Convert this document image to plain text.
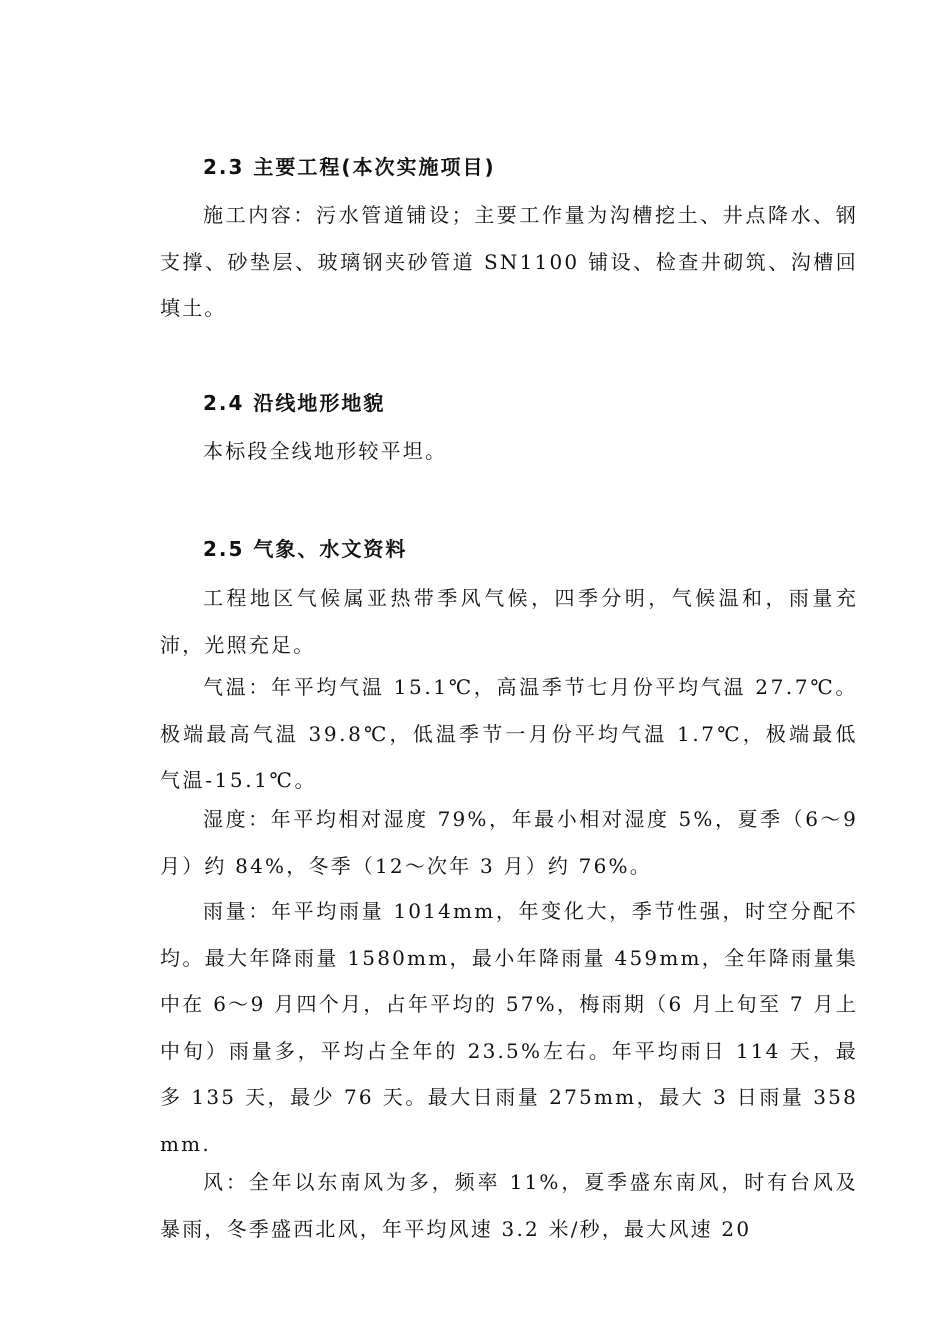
2.3 主要工程(本次实施项目)
施工内容：污水管道铺设；主要工作量为沟槽挖土、井点降水、钢支撑、砂垫层、玻璃钢夹砂管道 SN1100 铺设、检查井砌筑、沟槽回填土。
2.4 沿线地形地貌
本标段全线地形较平坦。
2.5 气象、水文资料
工程地区气候属亚热带季风气候，四季分明，气候温和，雨量充沛，光照充足。
气温：年平均气温 15.1℃，高温季节七月份平均气温 27.7℃。极端最高气温 39.8℃，低温季节一月份平均气温 1.7℃，极端最低气温-15.1℃。
湿度：年平均相对湿度 79%，年最小相对湿度 5%，夏季（6～9 月）约 84%，冬季（12～次年 3 月）约 76%。
雨量：年平均雨量 1014mm，年变化大，季节性强，时空分配不均。最大年降雨量 1580mm，最小年降雨量 459mm，全年降雨量集中在 6～9 月四个月，占年平均的 57%，梅雨期（6 月上旬至 7 月上中旬）雨量多，平均占全年的 23.5%左右。年平均雨日 114 天，最多 135 天，最少 76 天。最大日雨量 275mm，最大 3 日雨量 358mm.
风：全年以东南风为多，频率 11%，夏季盛东南风，时有台风及暴雨，冬季盛西北风，年平均风速 3.2 米/秒，最大风速 20
